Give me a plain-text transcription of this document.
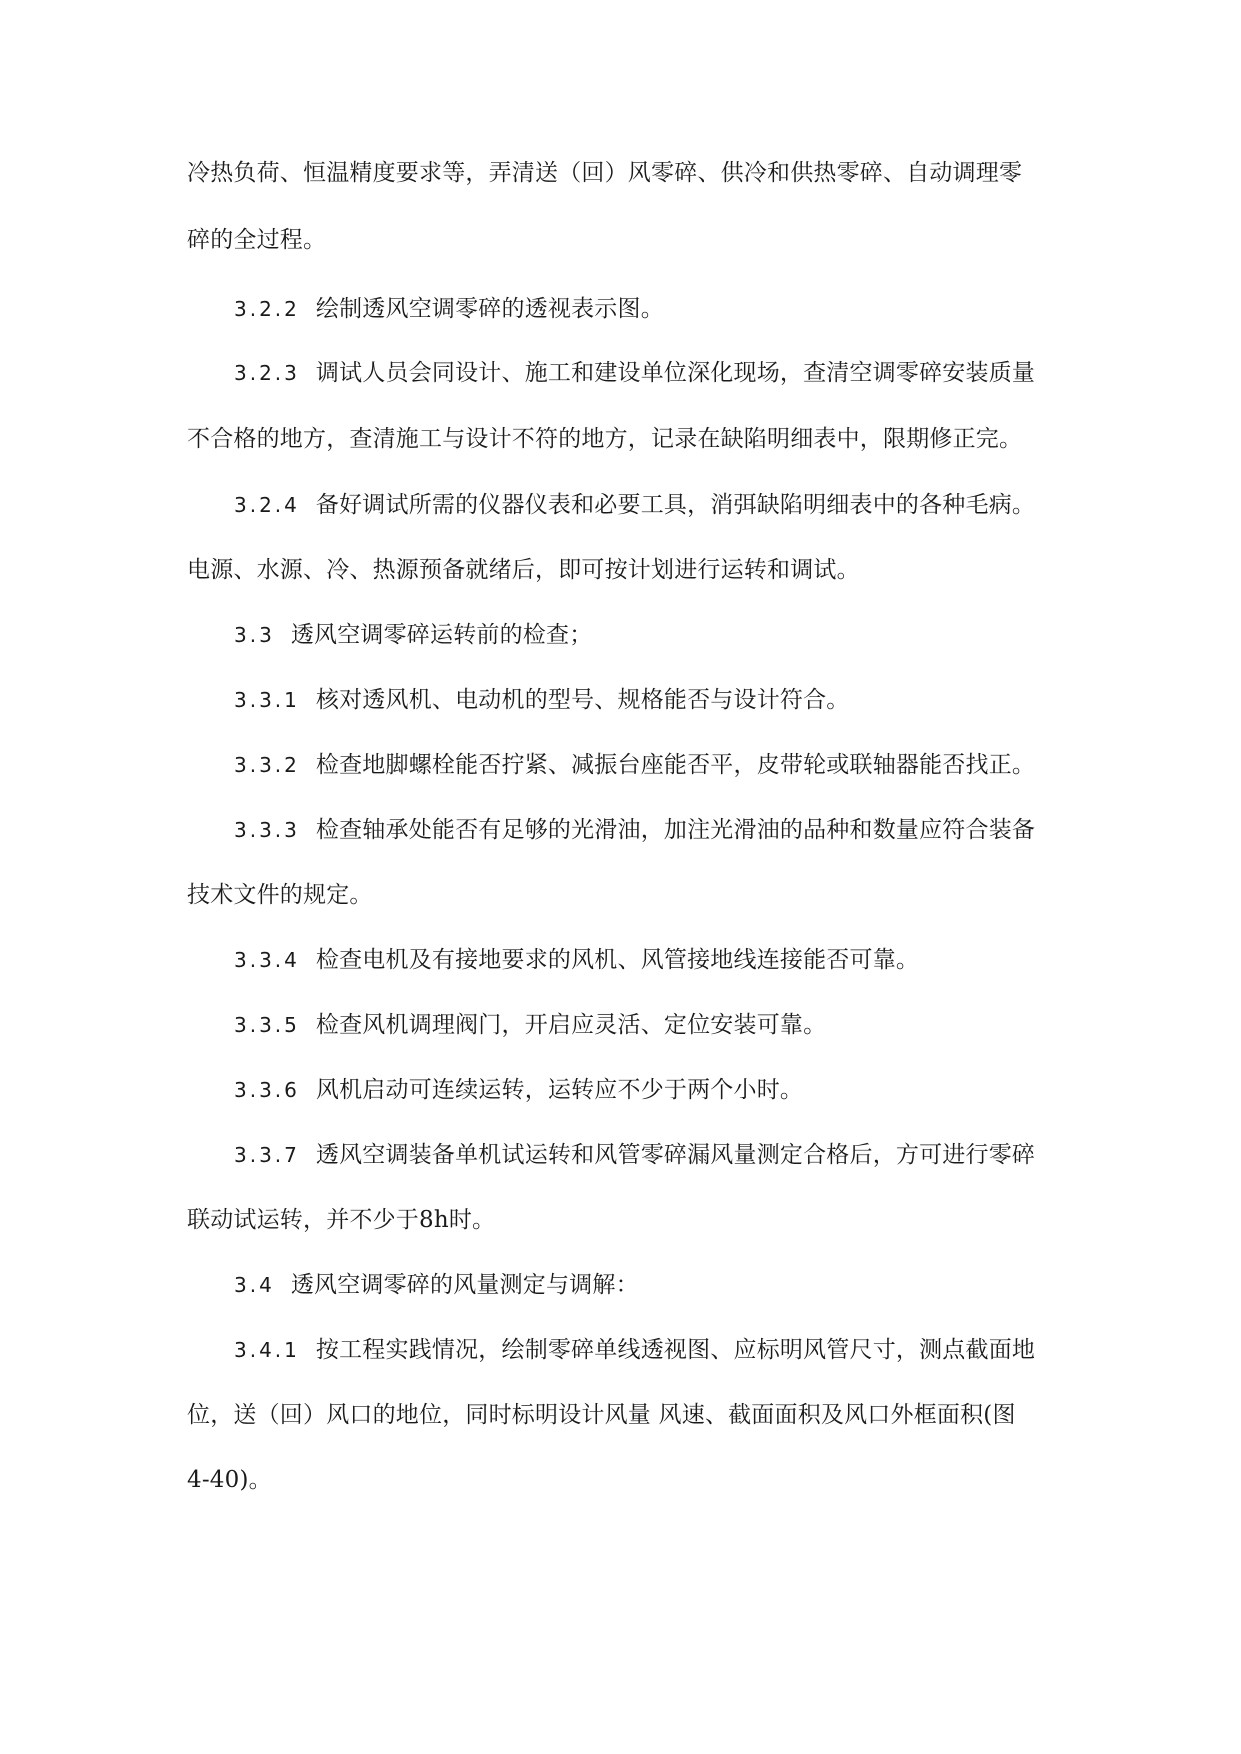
冷热负荷、恒温精度要求等，弄清送（回）风零碎、供冷和供热零碎、自动调理零
碎的全过程。
3.2.2 绘制透风空调零碎的透视表示图。
3.2.3 调试人员会同设计、施工和建设单位深化现场，查清空调零碎安装质量
不合格的地方，查清施工与设计不符的地方，记录在缺陷明细表中，限期修正完。
3.2.4 备好调试所需的仪器仪表和必要工具，消弭缺陷明细表中的各种毛病。
电源、水源、冷、热源预备就绪后，即可按计划进行运转和调试。
3.3 透风空调零碎运转前的检查；
3.3.1 核对透风机、电动机的型号、规格能否与设计符合。
3.3.2 检查地脚螺栓能否拧紧、减振台座能否平，皮带轮或联轴器能否找正。
3.3.3 检查轴承处能否有足够的光滑油，加注光滑油的品种和数量应符合装备
技术文件的规定。
3.3.4 检查电机及有接地要求的风机、风管接地线连接能否可靠。
3.3.5 检查风机调理阀门，开启应灵活、定位安装可靠。
3.3.6 风机启动可连续运转，运转应不少于两个小时。
3.3.7 透风空调装备单机试运转和风管零碎漏风量测定合格后，方可进行零碎
联动试运转，并不少于8h时。
3.4 透风空调零碎的风量测定与调解：
3.4.1 按工程实践情况，绘制零碎单线透视图、应标明风管尺寸，测点截面地
位，送（回）风口的地位，同时标明设计风量 风速、截面面积及风口外框面积(图
4-40)。
